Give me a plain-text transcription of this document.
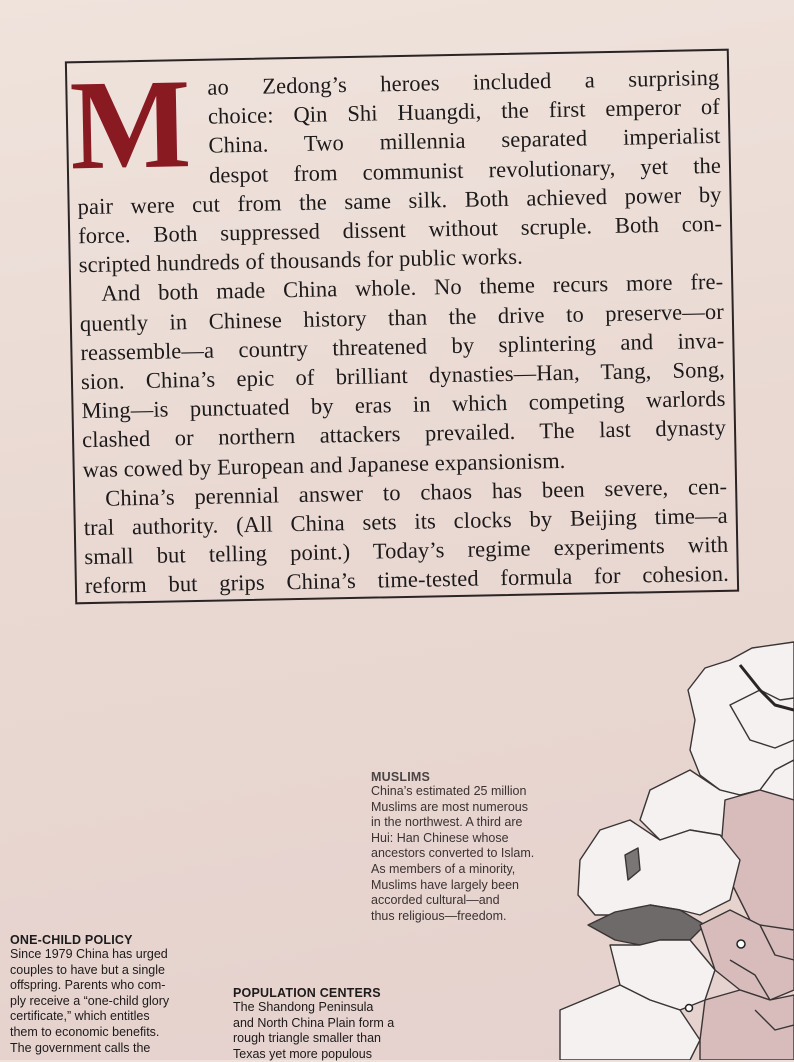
M ao Zedong’s heroes included a surprising
choice: Qin Shi Huangdi, the first emperor of
China. Two millennia separated imperialist
despot from communist revolutionary, yet the
pair were cut from the same silk. Both achieved power by
force. Both suppressed dissent without scruple. Both con-
scripted hundreds of thousands for public works.
And both made China whole. No theme recurs more fre-
quently in Chinese history than the drive to preserve—or
reassemble—a country threatened by splintering and inva-
sion. China’s epic of brilliant dynasties—Han, Tang, Song,
Ming—is punctuated by eras in which competing warlords
clashed or northern attackers prevailed. The last dynasty
was cowed by European and Japanese expansionism.
China’s perennial answer to chaos has been severe, cen-
tral authority. (All China sets its clocks by Beijing time—a
small but telling point.) Today’s regime experiments with
reform but grips China’s time-tested formula for cohesion.
MUSLIMS
China’s estimated 25 million
Muslims are most numerous
in the northwest. A third are
Hui: Han Chinese whose
ancestors converted to Islam.
As members of a minority,
Muslims have largely been
accorded cultural—and
thus religious—freedom.
ONE-CHILD POLICY
Since 1979 China has urged
couples to have but a single
offspring. Parents who com-
ply receive a “one-child glory
certificate,” which entitles
them to economic benefits.
The government calls the
POPULATION CENTERS
The Shandong Peninsula
and North China Plain form a
rough triangle smaller than
Texas yet more populous
